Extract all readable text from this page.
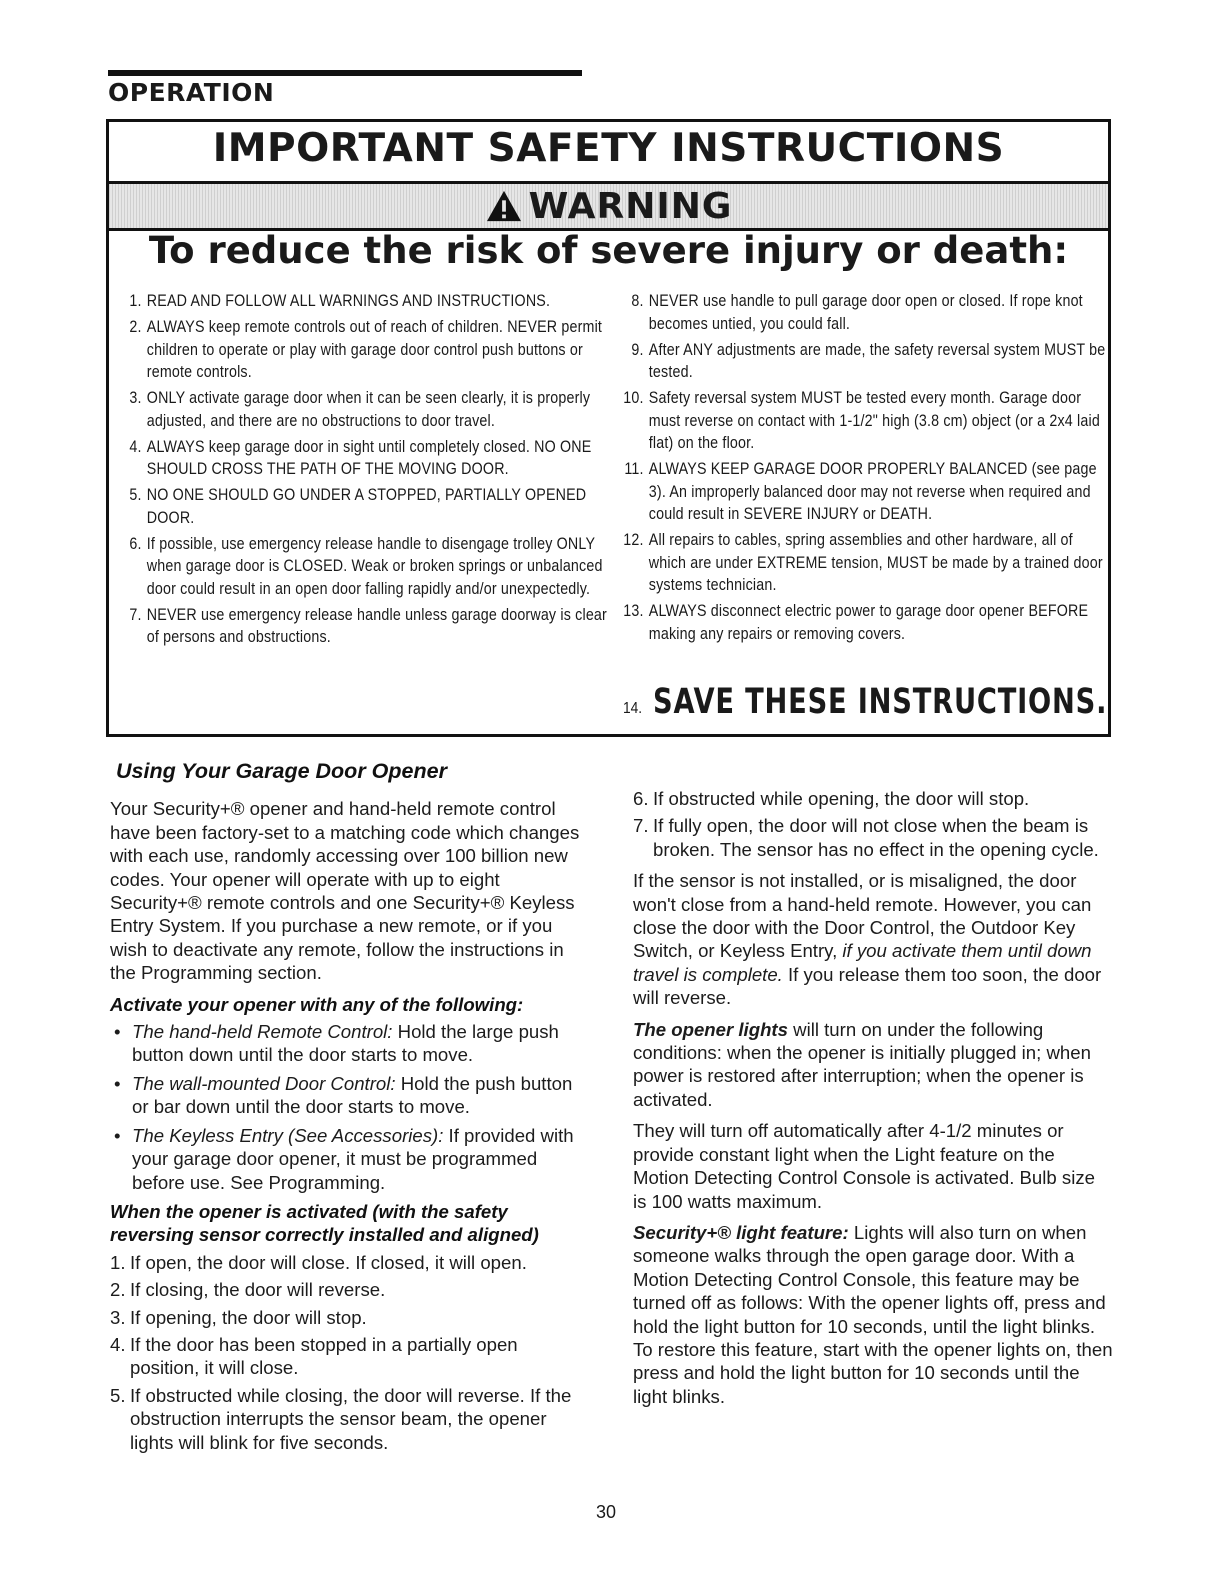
OPERATION
IMPORTANT SAFETY INSTRUCTIONS
WARNING
To reduce the risk of severe injury or death:
1. READ AND FOLLOW ALL WARNINGS AND INSTRUCTIONS.
2. ALWAYS keep remote controls out of reach of children. NEVER permit children to operate or play with garage door control push buttons or remote controls.
3. ONLY activate garage door when it can be seen clearly, it is properly adjusted, and there are no obstructions to door travel.
4. ALWAYS keep garage door in sight until completely closed. NO ONE SHOULD CROSS THE PATH OF THE MOVING DOOR.
5. NO ONE SHOULD GO UNDER A STOPPED, PARTIALLY OPENED DOOR.
6. If possible, use emergency release handle to disengage trolley ONLY when garage door is CLOSED. Weak or broken springs or unbalanced door could result in an open door falling rapidly and/or unexpectedly.
7. NEVER use emergency release handle unless garage doorway is clear of persons and obstructions.
8. NEVER use handle to pull garage door open or closed. If rope knot becomes untied, you could fall.
9. After ANY adjustments are made, the safety reversal system MUST be tested.
10. Safety reversal system MUST be tested every month. Garage door must reverse on contact with 1-1/2" high (3.8 cm) object (or a 2x4 laid flat) on the floor.
11. ALWAYS KEEP GARAGE DOOR PROPERLY BALANCED (see page 3). An improperly balanced door may not reverse when required and could result in SEVERE INJURY or DEATH.
12. All repairs to cables, spring assemblies and other hardware, all of which are under EXTREME tension, MUST be made by a trained door systems technician.
13. ALWAYS disconnect electric power to garage door opener BEFORE making any repairs or removing covers.
14. SAVE THESE INSTRUCTIONS.
Using Your Garage Door Opener

Your Security+® opener and hand-held remote control have been factory-set to a matching code which changes with each use, randomly accessing over 100 billion new codes. Your opener will operate with up to eight Security+® remote controls and one Security+® Keyless Entry System. If you purchase a new remote, or if you wish to deactivate any remote, follow the instructions in the Programming section.

Activate your opener with any of the following:
• The hand-held Remote Control: Hold the large push button down until the door starts to move.
• The wall-mounted Door Control: Hold the push button or bar down until the door starts to move.
• The Keyless Entry (See Accessories): If provided with your garage door opener, it must be programmed before use. See Programming.
When the opener is activated (with the safety reversing sensor correctly installed and aligned)
1. If open, the door will close. If closed, it will open.
2. If closing, the door will reverse.
3. If opening, the door will stop.
4. If the door has been stopped in a partially open position, it will close.
5. If obstructed while closing, the door will reverse. If the obstruction interrupts the sensor beam, the opener lights will blink for five seconds.
6. If obstructed while opening, the door will stop.
7. If fully open, the door will not close when the beam is broken. The sensor has no effect in the opening cycle.

If the sensor is not installed, or is misaligned, the door won't close from a hand-held remote. However, you can close the door with the Door Control, the Outdoor Key Switch, or Keyless Entry, if you activate them until down travel is complete. If you release them too soon, the door will reverse.

The opener lights will turn on under the following conditions: when the opener is initially plugged in; when power is restored after interruption; when the opener is activated.

They will turn off automatically after 4-1/2 minutes or provide constant light when the Light feature on the Motion Detecting Control Console is activated. Bulb size is 100 watts maximum.

Security+® light feature: Lights will also turn on when someone walks through the open garage door. With a Motion Detecting Control Console, this feature may be turned off as follows: With the opener lights off, press and hold the light button for 10 seconds, until the light blinks. To restore this feature, start with the opener lights on, then press and hold the light button for 10 seconds until the light blinks.

30
